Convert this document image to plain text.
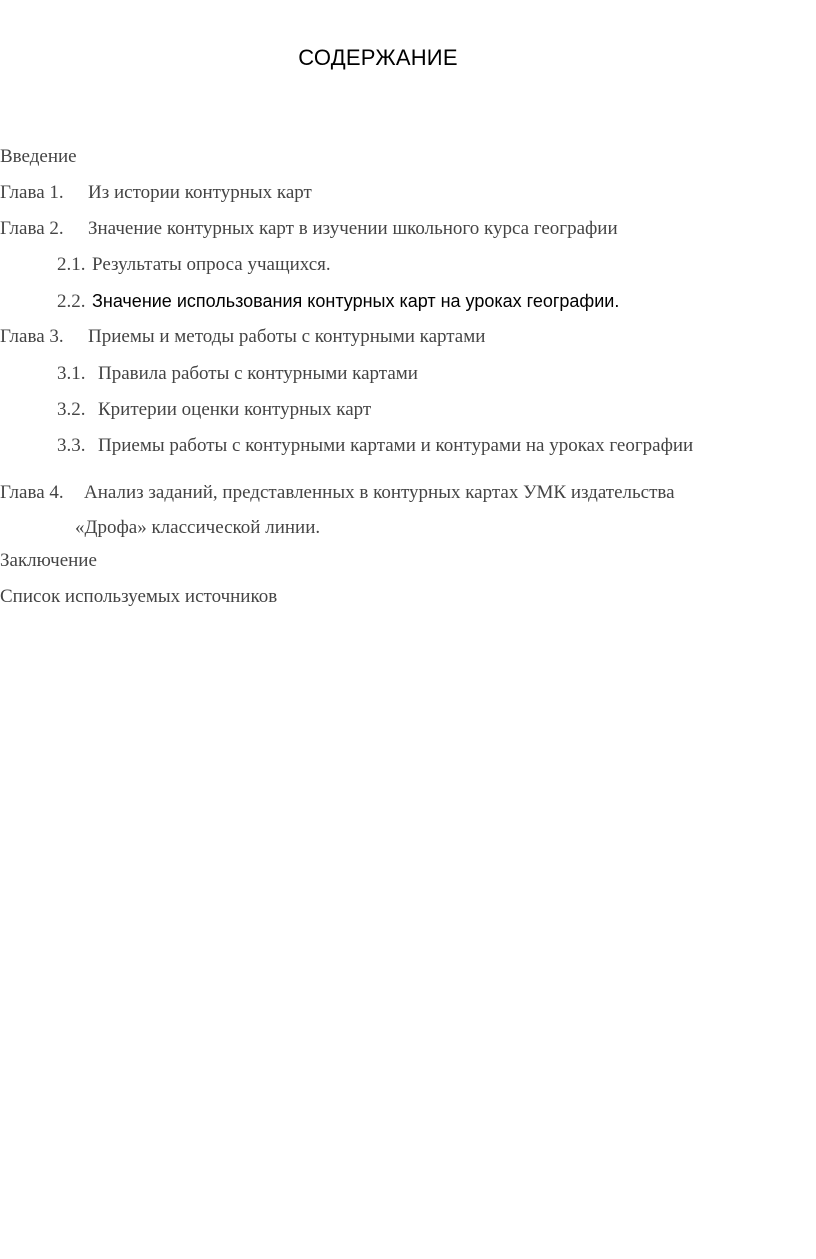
СОДЕРЖАНИЕ
Введение
Глава 1. Из истории контурных карт
Глава 2. Значение контурных карт в изучении школьного курса географии
2.1. Результаты опроса учащихся.
2.2. Значение использования контурных карт на уроках географии.
Глава 3. Приемы и методы работы с контурными картами
3.1. Правила работы с контурными картами
3.2. Критерии оценки контурных карт
3.3. Приемы работы с контурными картами и контурами на уроках географии
Глава 4. Анализ заданий, представленных в контурных картах УМК издательства
«Дрофа» классической линии.
Заключение
Список используемых источников
